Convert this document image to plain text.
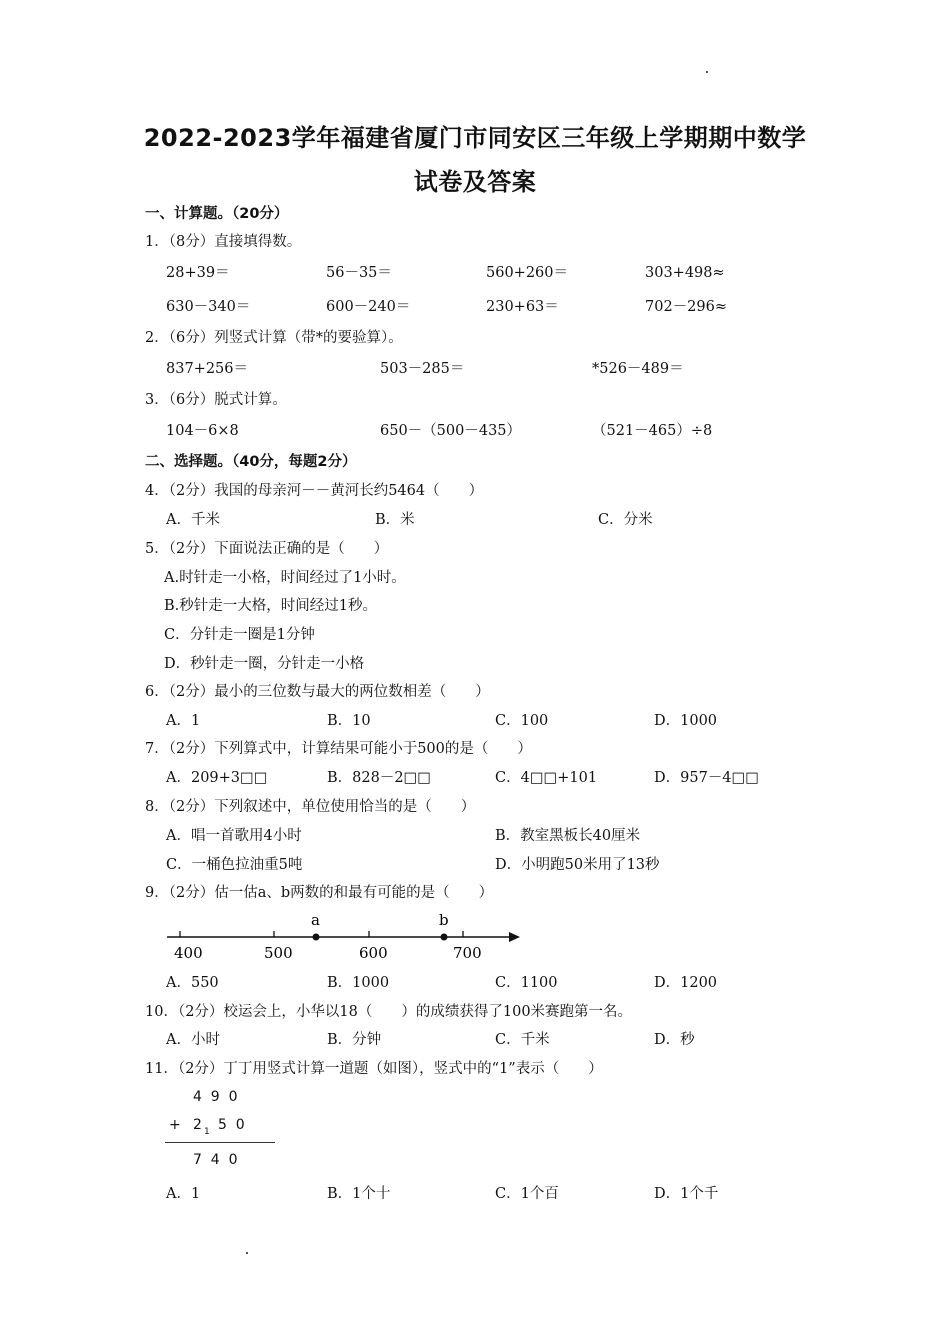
2022-2023学年福建省厦门市同安区三年级上学期期中数学
试卷及答案
一、计算题。（20分）
1．（8分）直接填得数。
28+39＝	56－35＝	560+260＝	303+498≈
630－340＝	600－240＝	230+63＝	702－296≈
2．（6分）列竖式计算（带*的要验算）。
837+256＝	503－285＝	*526－489＝
3．（6分）脱式计算。
104－6×8	650－（500－435）	（521－465）÷8
二、选择题。（40分，每题2分）
4．（2分）我国的母亲河－－黄河长约5464（　　）
A．千米	B．米	C．分米
5．（2分）下面说法正确的是（　　）
A.时针走一小格，时间经过了1小时。
B.秒针走一大格，时间经过1秒。
C．分针走一圈是1分钟
D．秒针走一圈，分针走一小格
6．（2分）最小的三位数与最大的两位数相差（　　）
A．1	B．10	C．100	D．1000
7．（2分）下列算式中，计算结果可能小于500的是（　　）
A．209+3□□	B．828－2□□	C．4□□+101	D．957－4□□
8．（2分）下列叙述中，单位使用恰当的是（　　）
A．唱一首歌用4小时	B．教室黑板长40厘米
C．一桶色拉油重5吨	D．小明跑50米用了13秒
9．（2分）估一估a、b两数的和最有可能的是（　　）
400	500	600	700
a	b
A．550	B．1000	C．1100	D．1200
10．（2分）校运会上，小华以18（　　）的成绩获得了100米赛跑第一名。
A．小时	B．分钟	C．千米	D．秒
11．（2分）丁丁用竖式计算一道题（如图），竖式中的“1”表示（　　）
4  9  0
+ 2 1 5  0
7  4  0
A．1	B．1个十	C．1个百	D．1个千
